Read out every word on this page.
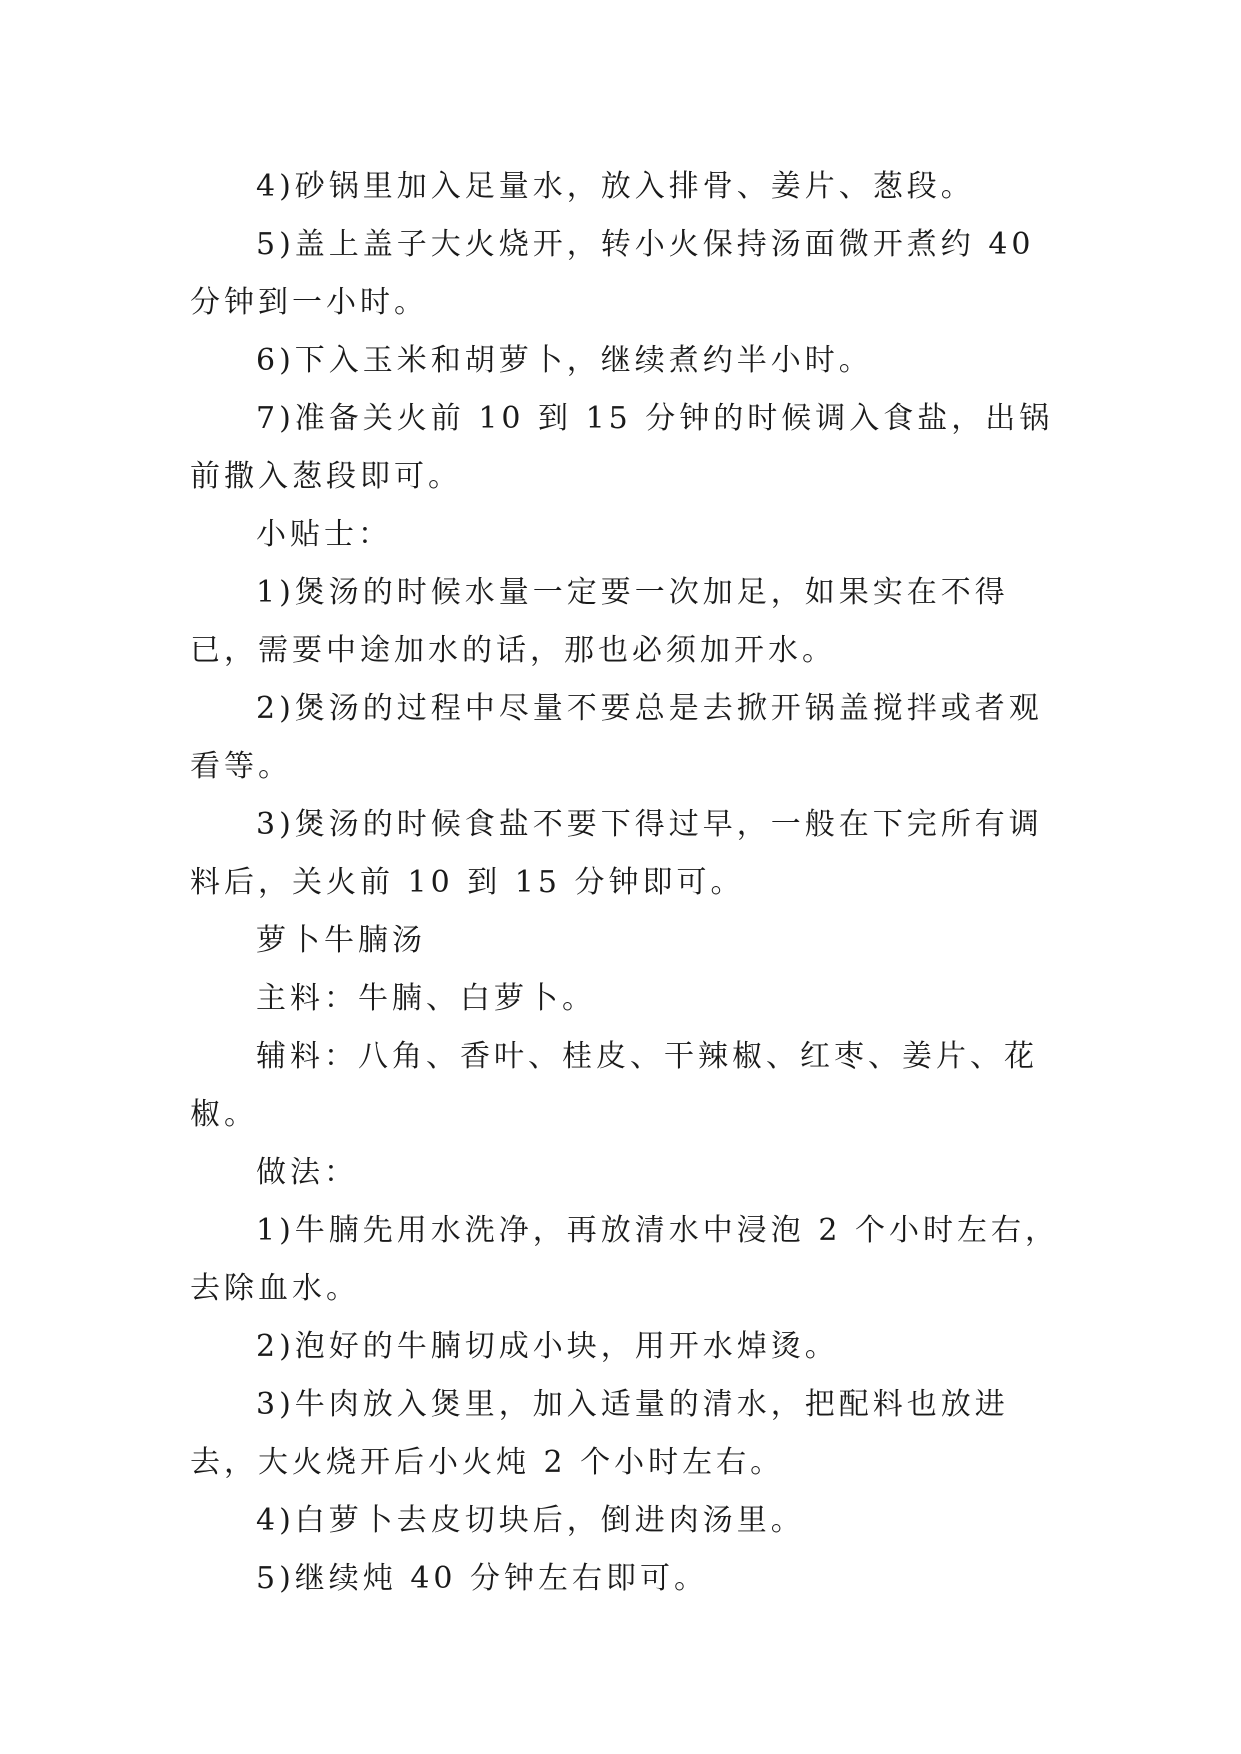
4)砂锅里加入足量水，放入排骨、姜片、葱段。

5)盖上盖子大火烧开，转小火保持汤面微开煮约 40 分钟到一小时。

6)下入玉米和胡萝卜，继续煮约半小时。

7)准备关火前 10 到 15 分钟的时候调入食盐，出锅前撒入葱段即可。

小贴士：

1)煲汤的时候水量一定要一次加足，如果实在不得已，需要中途加水的话，那也必须加开水。

2)煲汤的过程中尽量不要总是去掀开锅盖搅拌或者观看等。

3)煲汤的时候食盐不要下得过早，一般在下完所有调料后，关火前 10 到 15 分钟即可。

萝卜牛腩汤

主料：牛腩、白萝卜。

辅料：八角、香叶、桂皮、干辣椒、红枣、姜片、花椒。

做法：

1)牛腩先用水洗净，再放清水中浸泡 2 个小时左右，去除血水。

2)泡好的牛腩切成小块，用开水焯烫。

3)牛肉放入煲里，加入适量的清水，把配料也放进去，大火烧开后小火炖 2 个小时左右。

4)白萝卜去皮切块后，倒进肉汤里。

5)继续炖 40 分钟左右即可。
